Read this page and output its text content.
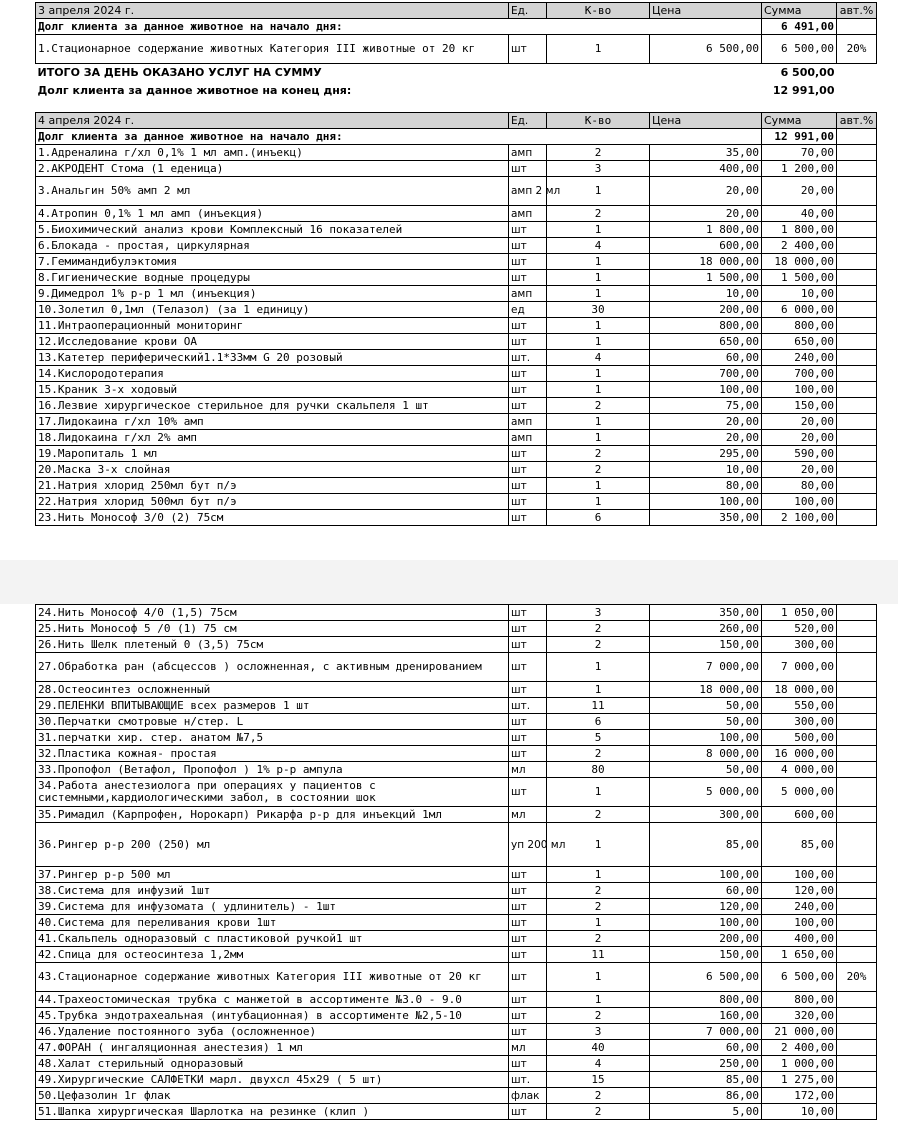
3 апреля 2024 г.	Ед.	К-во	Цена	Сумма	авт.%
Долг клиента за данное животное на начало дня:				6 491,00	
1.Стационарное содержание животных Категория III животные от 20 кг	шт	1	6 500,00	6 500,00	20%
ИТОГО ЗА ДЕНЬ ОКАЗАНО УСЛУГ НА СУММУ				6 500,00	
Долг клиента за данное животное на конец дня:				12 991,00	
4 апреля 2024 г.	Ед.	К-во	Цена	Сумма	авт.%
Долг клиента за данное животное на начало дня:				12 991,00	
1.Адреналина г/хл 0,1% 1 мл амп.(инъекц)	амп	2	35,00	70,00	
2.АКРОДЕНТ Стома (1 еденица)	шт	3	400,00	1 200,00	
3.Анальгин 50% амп 2 мл	амп 2 мл	1	20,00	20,00	
4.Атропин 0,1% 1 мл амп (инъекция)	амп	2	20,00	40,00	
5.Биохимический анализ крови Комплексный 16 показателей	шт	1	1 800,00	1 800,00	
6.Блокада - простая, циркулярная	шт	4	600,00	2 400,00	
7.Гемимандибулэктомия	шт	1	18 000,00	18 000,00	
8.Гигиенические водные процедуры	шт	1	1 500,00	1 500,00	
9.Димедрол 1% р-р 1 мл (инъекция)	амп	1	10,00	10,00	
10.Золетил 0,1мл (Телазол) (за 1 единицу)	ед	30	200,00	6 000,00	
11.Интраоперационный мониторинг	шт	1	800,00	800,00	
12.Исследование крови ОА	шт	1	650,00	650,00	
13.Катетер периферический1.1*33мм G 20 розовый	шт.	4	60,00	240,00	
14.Кислородотерапия	шт	1	700,00	700,00	
15.Краник 3-х ходовый	шт	1	100,00	100,00	
16.Лезвие хирургическое стерильное для ручки скальпеля 1 шт	шт	2	75,00	150,00	
17.Лидокаина г/хл 10% амп	амп	1	20,00	20,00	
18.Лидокаина г/хл 2% амп	амп	1	20,00	20,00	
19.Маропиталь 1 мл	шт	2	295,00	590,00	
20.Маска 3-х слойная	шт	2	10,00	20,00	
21.Натрия хлорид 250мл бут п/э	шт	1	80,00	80,00	
22.Натрия хлорид 500мл бут п/э	шт	1	100,00	100,00	
23.Нить Монософ 3/0 (2) 75см	шт	6	350,00	2 100,00	
24.Нить Монософ 4/0 (1,5) 75см	шт	3	350,00	1 050,00	
25.Нить Монософ 5 /0 (1) 75 см	шт	2	260,00	520,00	
26.Нить Шелк плетеный 0 (3,5) 75см	шт	2	150,00	300,00	
27.Обработка ран (абсцессов ) осложненная, с активным дренированием	шт	1	7 000,00	7 000,00	
28.Остеосинтез осложненный	шт	1	18 000,00	18 000,00	
29.ПЕЛЕНКИ ВПИТЫВАЮЩИЕ всех размеров 1 шт	шт.	11	50,00	550,00	
30.Перчатки смотровые н/стер. L	шт	6	50,00	300,00	
31.перчатки хир. стер. анатом №7,5	шт	5	100,00	500,00	
32.Пластика кожная- простая	шт	2	8 000,00	16 000,00	
33.Пропофол (Ветафол, Пропофол ) 1% р-р ампула	мл	80	50,00	4 000,00	
34.Работа анестезиолога при операциях у пациентов с системными,кардиологическими забол, в состоянии шок	шт	1	5 000,00	5 000,00	
35.Римадил (Карпрофен, Норокарп) Рикарфа р-р для инъекций 1мл	мл	2	300,00	600,00	
36.Рингер р-р 200 (250) мл	уп 200 мл	1	85,00	85,00	
37.Рингер р-р 500 мл	шт	1	100,00	100,00	
38.Система для инфузий 1шт	шт	2	60,00	120,00	
39.Система для инфузомата ( удлинитель) - 1шт	шт	2	120,00	240,00	
40.Система для переливания крови 1шт	шт	1	100,00	100,00	
41.Скальпель одноразовый с пластиковой ручкой1 шт	шт	2	200,00	400,00	
42.Спица для остеосинтеза 1,2мм	шт	11	150,00	1 650,00	
43.Стационарное содержание животных Категория III животные от 20 кг	шт	1	6 500,00	6 500,00	20%
44.Трахеостомическая трубка с манжетой в ассортименте №3.0 - 9.0	шт	1	800,00	800,00	
45.Трубка эндотрахеальная (интубационная) в ассортименте №2,5-10	шт	2	160,00	320,00	
46.Удаление постоянного зуба (осложненное)	шт	3	7 000,00	21 000,00	
47.ФОРАН ( ингаляционная анестезия) 1 мл	мл	40	60,00	2 400,00	
48.Халат стерильный одноразовый	шт	4	250,00	1 000,00	
49.Хирургические САЛФЕТКИ марл. двухсл 45х29 ( 5 шт)	шт.	15	85,00	1 275,00	
50.Цефазолин 1г флак	флак	2	86,00	172,00	
51.Шапка хирургическая Шарлотка на резинке (клип )	шт	2	5,00	10,00	
